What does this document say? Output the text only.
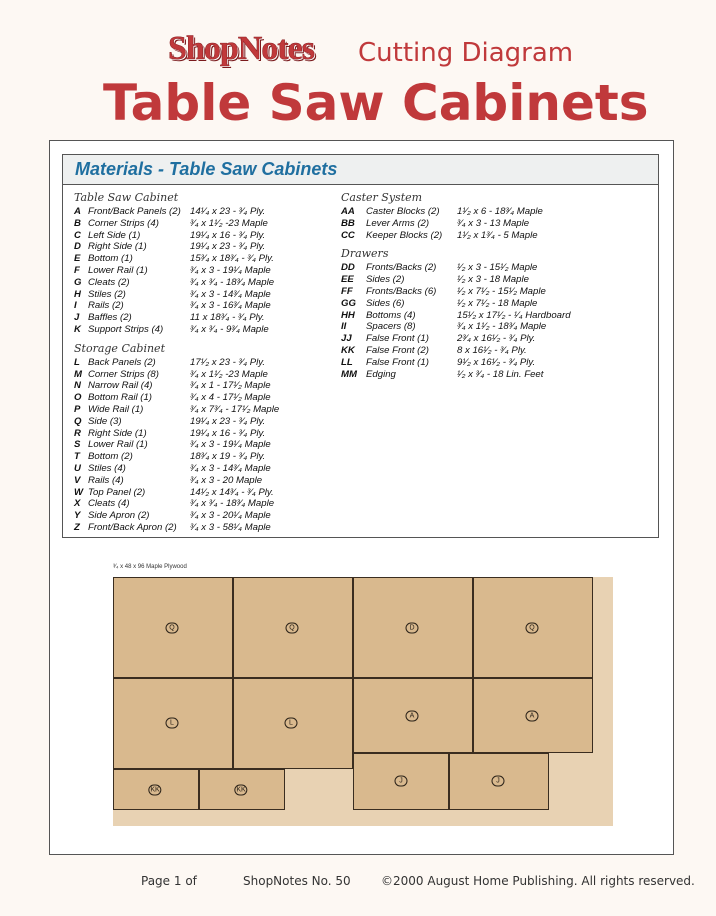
ShopNotes Cutting Diagram
Table Saw Cabinets
Materials - Table Saw Cabinets
Table Saw Cabinet
A Front/Back Panels (2) 14¹⁄₄ x 23 - ³⁄₄ Ply.
B Corner Strips (4)	³⁄₄ x 1¹⁄₂ -23 Maple
C Left Side (1)	19¹⁄₄ x 16 - ³⁄₄ Ply.
D Right Side (1)	19¹⁄₄ x 23 - ³⁄₄ Ply.
E Bottom (1)	15³⁄₄ x 18³⁄₄ - ³⁄₄ Ply.
F Lower Rail (1)	³⁄₄ x 3 - 19¹⁄₄ Maple
G Cleats (2)	³⁄₄ x ³⁄₄ - 18³⁄₄ Maple
H Stiles (2)	³⁄₄ x 3 - 14³⁄₄ Maple
I Rails (2)	³⁄₄ x 3 - 16³⁄₄ Maple
J Baffles (2)	11 x 18³⁄₄ - ³⁄₄ Ply.
K Support Strips (4)	³⁄₄ x ³⁄₄ - 9³⁄₄ Maple
Storage Cabinet
L Back Panels (2)	17¹⁄₂ x 23 - ³⁄₄ Ply.
M Corner Strips (8)	³⁄₄ x 1¹⁄₂ -23 Maple
N Narrow Rail (4)	³⁄₄ x 1 - 17¹⁄₂ Maple
O Bottom Rail (1)	³⁄₄ x 4 - 17¹⁄₂ Maple
P Wide Rail (1)	³⁄₄ x 7³⁄₄ - 17¹⁄₂ Maple
Q Side (3)	19¹⁄₄ x 23 - ³⁄₄ Ply.
R Right Side (1)	19¹⁄₄ x 16 - ³⁄₄ Ply.
S Lower Rail (1)	³⁄₄ x 3 - 19¹⁄₄ Maple
T Bottom (2)	18³⁄₄ x 19 - ³⁄₄ Ply.
U Stiles (4)	³⁄₄ x 3 - 14³⁄₄ Maple
V Rails (4)	³⁄₄ x 3 - 20 Maple
W Top Panel (2)	14¹⁄₂ x 14³⁄₄ - ³⁄₄ Ply.
X Cleats (4)	³⁄₄ x ³⁄₄ - 18³⁄₄ Maple
Y Side Apron (2)	³⁄₄ x 3 - 20¹⁄₄ Maple
Z Front/Back Apron (2) ³⁄₄ x 3 - 58¹⁄₄ Maple
Caster System
AA Caster Blocks (2) 1¹⁄₂ x 6 - 18³⁄₄ Maple
BB Lever Arms (2)	³⁄₄ x 3 - 13 Maple
CC Keeper Blocks (2) 1¹⁄₂ x 1³⁄₄ - 5 Maple
Drawers
DD Fronts/Backs (2) ¹⁄₂ x 3 - 15¹⁄₂ Maple
EE Sides (2)	¹⁄₂ x 3 - 18 Maple
FF Fronts/Backs (6) ¹⁄₂ x 7¹⁄₂ - 15¹⁄₂ Maple
GG Sides (6)	¹⁄₂ x 7¹⁄₂ - 18 Maple
HH Bottoms (4)	15¹⁄₂ x 17¹⁄₂ - ¹⁄₄ Hardboard
II Spacers (8)	³⁄₄ x 1¹⁄₂ - 18³⁄₄ Maple
JJ False Front (1)	2³⁄₄ x 16¹⁄₂ - ³⁄₄ Ply.
KK False Front (2)	8 x 16¹⁄₂ - ³⁄₄ Ply.
LL False Front (1)	9¹⁄₂ x 16¹⁄₂ - ³⁄₄ Ply.
MM Edging	¹⁄₂ x ³⁄₄ - 18 Lin. Feet
³⁄₄ x 48 x 96 Maple Plywood
Q	Q	D	Q
L	L
A	A
KK	KK
J	J
Page 1 of	ShopNotes No. 50	©2000 August Home Publishing. All rights reserved.
